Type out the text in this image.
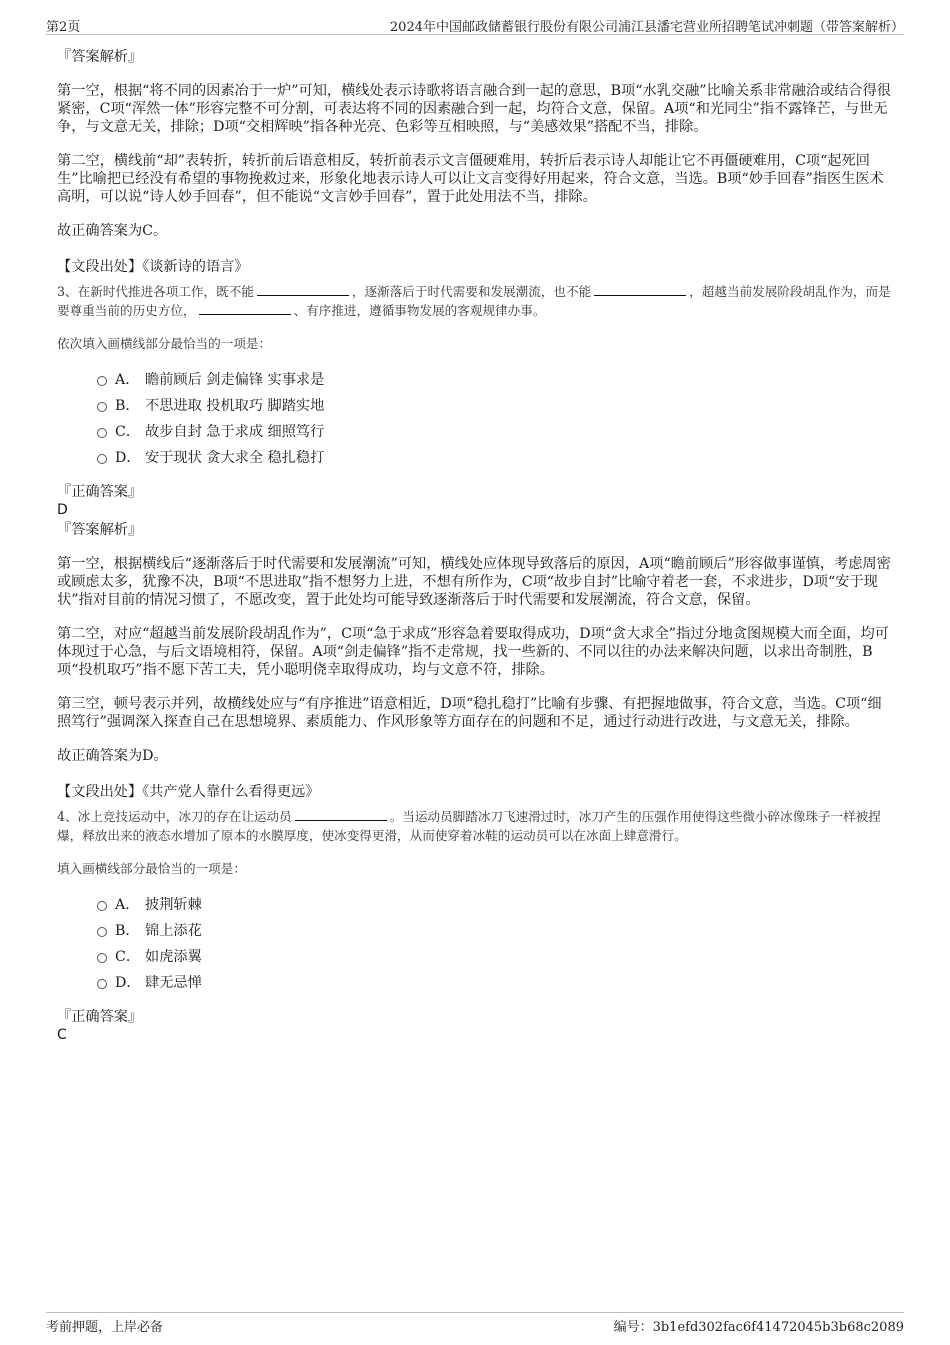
第2页	2024年中国邮政储蓄银行股份有限公司浦江县潘宅营业所招聘笔试冲刺题（带答案解析）

『答案解析』

第一空，根据“将不同的因素冶于一炉”可知，横线处表示诗歌将语言融合到一起的意思，B项“水乳交融”比喻关系非常融洽或结合得很紧密，C项“浑然一体”形容完整不可分割，可表达将不同的因素融合到一起，均符合文意，保留。A项“和光同尘”指不露锋芒，与世无争，与文意无关，排除；D项“交相辉映”指各种光亮、色彩等互相映照，与“美感效果”搭配不当，排除。

第二空，横线前“却”表转折，转折前后语意相反，转折前表示文言僵硬难用，转折后表示诗人却能让它不再僵硬难用，C项“起死回生”比喻把已经没有希望的事物挽救过来，形象化地表示诗人可以让文言变得好用起来，符合文意，当选。B项“妙手回春”指医生医术高明，可以说“诗人妙手回春”，但不能说“文言妙手回春”，置于此处用法不当，排除。

故正确答案为C。

【文段出处】《谈新诗的语言》

3、在新时代推进各项工作，既不能	，逐渐落后于时代需要和发展潮流，也不能	，超越当前发展阶段胡乱作为，而是要尊重当前的历史方位，	、有序推进，遵循事物发展的客观规律办事。

依次填入画横线部分最恰当的一项是：

A． 瞻前顾后 剑走偏锋 实事求是
B． 不思进取 投机取巧 脚踏实地
C． 故步自封 急于求成 细照笃行
D． 安于现状 贪大求全 稳扎稳打

『正确答案』

D

『答案解析』

第一空，根据横线后“逐渐落后于时代需要和发展潮流”可知，横线处应体现导致落后的原因，A项“瞻前顾后”形容做事谨慎，考虑周密或顾虑太多，犹豫不决，B项“不思进取”指不想努力上进，不想有所作为，C项“故步自封”比喻守着老一套，不求进步，D项“安于现状”指对目前的情况习惯了，不愿改变，置于此处均可能导致逐渐落后于时代需要和发展潮流，符合文意，保留。

第二空，对应“超越当前发展阶段胡乱作为”，C项“急于求成”形容急着要取得成功，D项“贪大求全”指过分地贪图规模大而全面，均可体现过于心急，与后文语境相符，保留。A项“剑走偏锋”指不走常规，找一些新的、不同以往的办法来解决问题，以求出奇制胜，B项“投机取巧”指不愿下苦工夫，凭小聪明侥幸取得成功，均与文意不符，排除。

第三空，顿号表示并列，故横线处应与“有序推进”语意相近，D项“稳扎稳打”比喻有步骤、有把握地做事，符合文意，当选。C项“细照笃行”强调深入探查自己在思想境界、素质能力、作风形象等方面存在的问题和不足，通过行动进行改进，与文意无关，排除。

故正确答案为D。

【文段出处】《共产党人靠什么看得更远》

4、冰上竞技运动中，冰刀的存在让运动员	。当运动员脚踏冰刀飞速滑过时，冰刀产生的压强作用使得这些微小碎冰像珠子一样被捏爆，释放出来的液态水增加了原本的水膜厚度，使冰变得更滑，从而使穿着冰鞋的运动员可以在冰面上肆意滑行。

填入画横线部分最恰当的一项是：

A． 披荆斩棘
B． 锦上添花
C． 如虎添翼
D． 肆无忌惮

『正确答案』

C

考前押题，上岸必备	编号：3b1efd302fac6f41472045b3b68c2089
